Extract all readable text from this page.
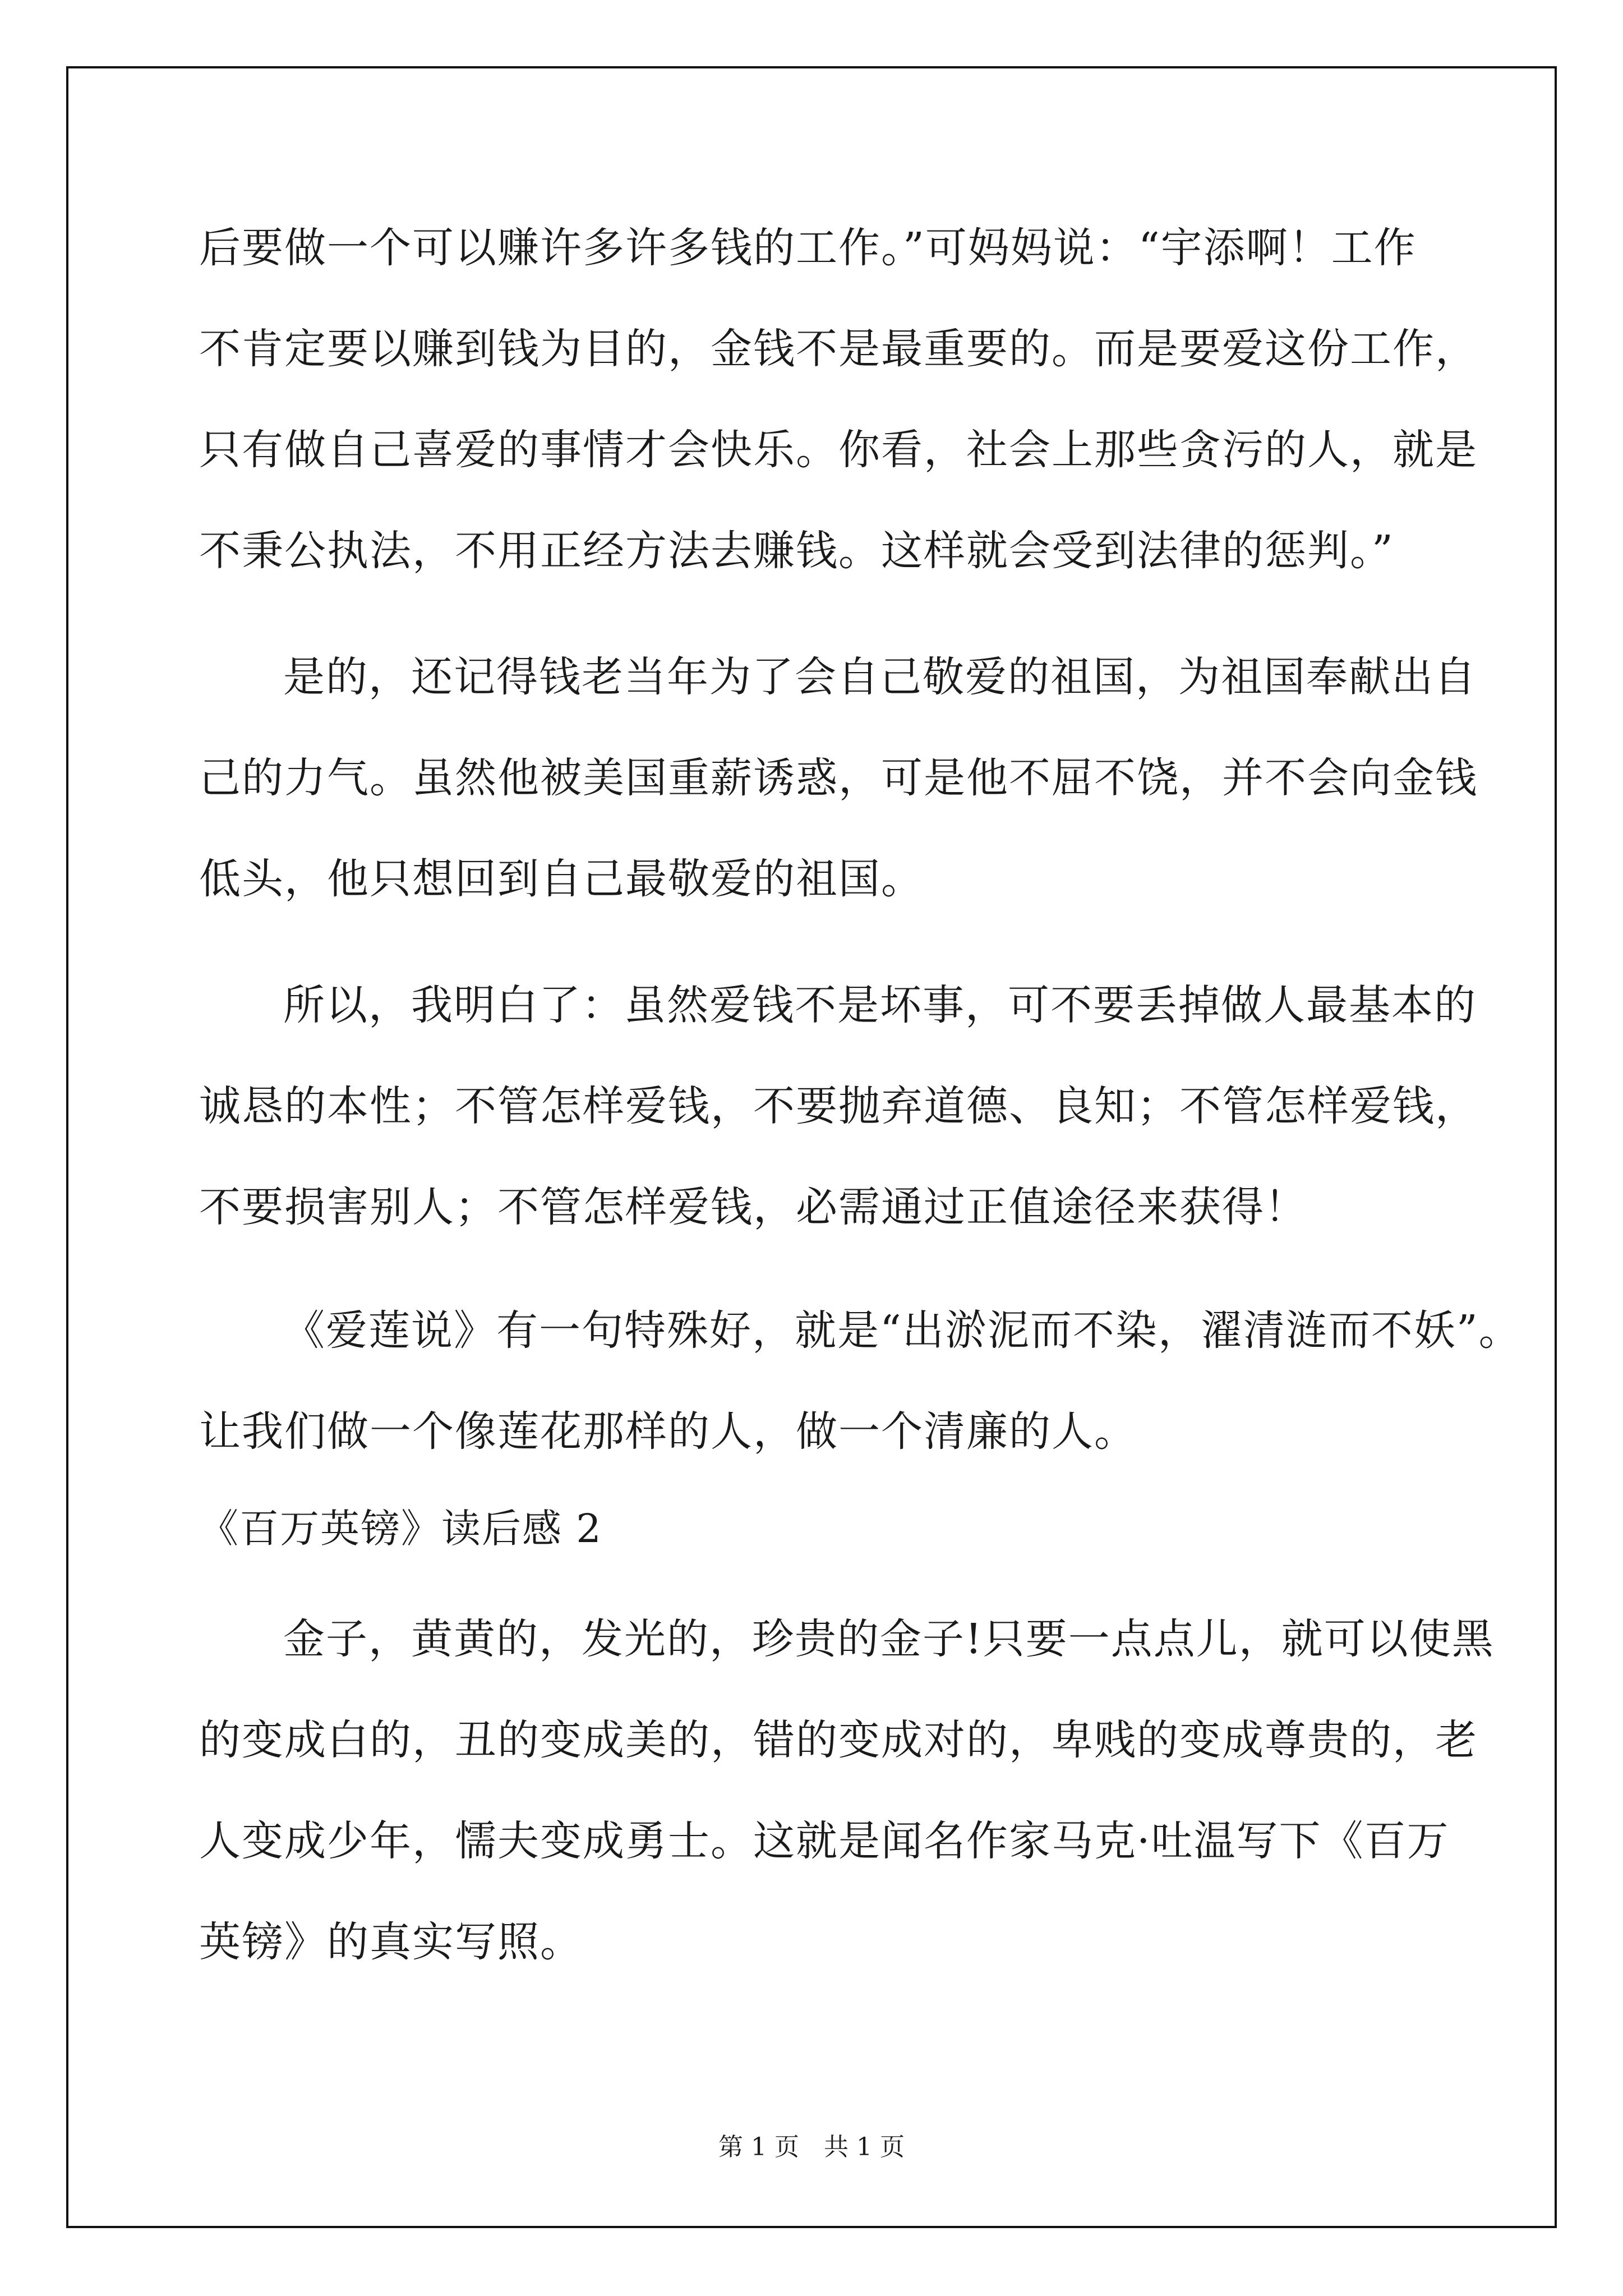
后要做一个可以赚许多许多钱的工作。”可妈妈说：“宇添啊！工作
不肯定要以赚到钱为目的，金钱不是最重要的。而是要爱这份工作，
只有做自己喜爱的事情才会快乐。你看，社会上那些贪污的人，就是
不秉公执法，不用正经方法去赚钱。这样就会受到法律的惩判。”
是的，还记得钱老当年为了会自己敬爱的祖国，为祖国奉献出自
己的力气。虽然他被美国重薪诱惑，可是他不屈不饶，并不会向金钱
低头，他只想回到自己最敬爱的祖国。
所以，我明白了：虽然爱钱不是坏事，可不要丢掉做人最基本的
诚恳的本性；不管怎样爱钱，不要抛弃道德、良知；不管怎样爱钱，
不要损害别人；不管怎样爱钱，必需通过正值途径来获得！
《爱莲说》有一句特殊好，就是“出淤泥而不染，濯清涟而不妖”。
让我们做一个像莲花那样的人，做一个清廉的人。
《百万英镑》读后感 2
金子，黄黄的，发光的，珍贵的金子!只要一点点儿，就可以使黑
的变成白的，丑的变成美的，错的变成对的，卑贱的变成尊贵的，老
人变成少年，懦夫变成勇士。这就是闻名作家马克·吐温写下《百万
英镑》的真实写照。
第 1 页　共 1 页
